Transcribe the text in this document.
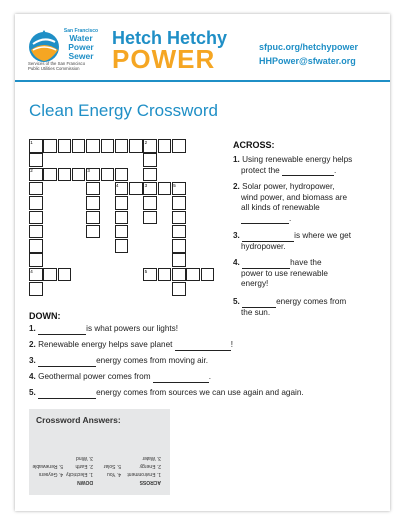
San Francisco
Water
Power
Sewer
Services of the San Francisco
Public Utilities Commission
Hetch Hetchy
POWER	sfpuc.org/hetchypower
HHPower@sfwater.org
Clean Energy Crossword
1	2
2	3
4	3	5
4	5
ACROSS:
1. Using renewable energy helps
protect the	.
2. Solar power, hydropower,
wind power, and biomass are
all kinds of renewable
.
3.	is where we get
hydropower.
4.	have the
power to use renewable
energy!
5.	energy comes from
the sun.
DOWN:
1.	is what powers our lights!
2. Renewable energy helps save planet	!
3.	energy comes from moving air.
4. Geothermal power comes from	.
5.	energy comes from sources we can use again and again.
Crossword Answers:
ACROSS
1. Environment
2. Energy
3. Water
4. You
5. Solar
DOWN
1. Electricity
2. Earth
3. Wind
4. Geysers
5. Renewable
